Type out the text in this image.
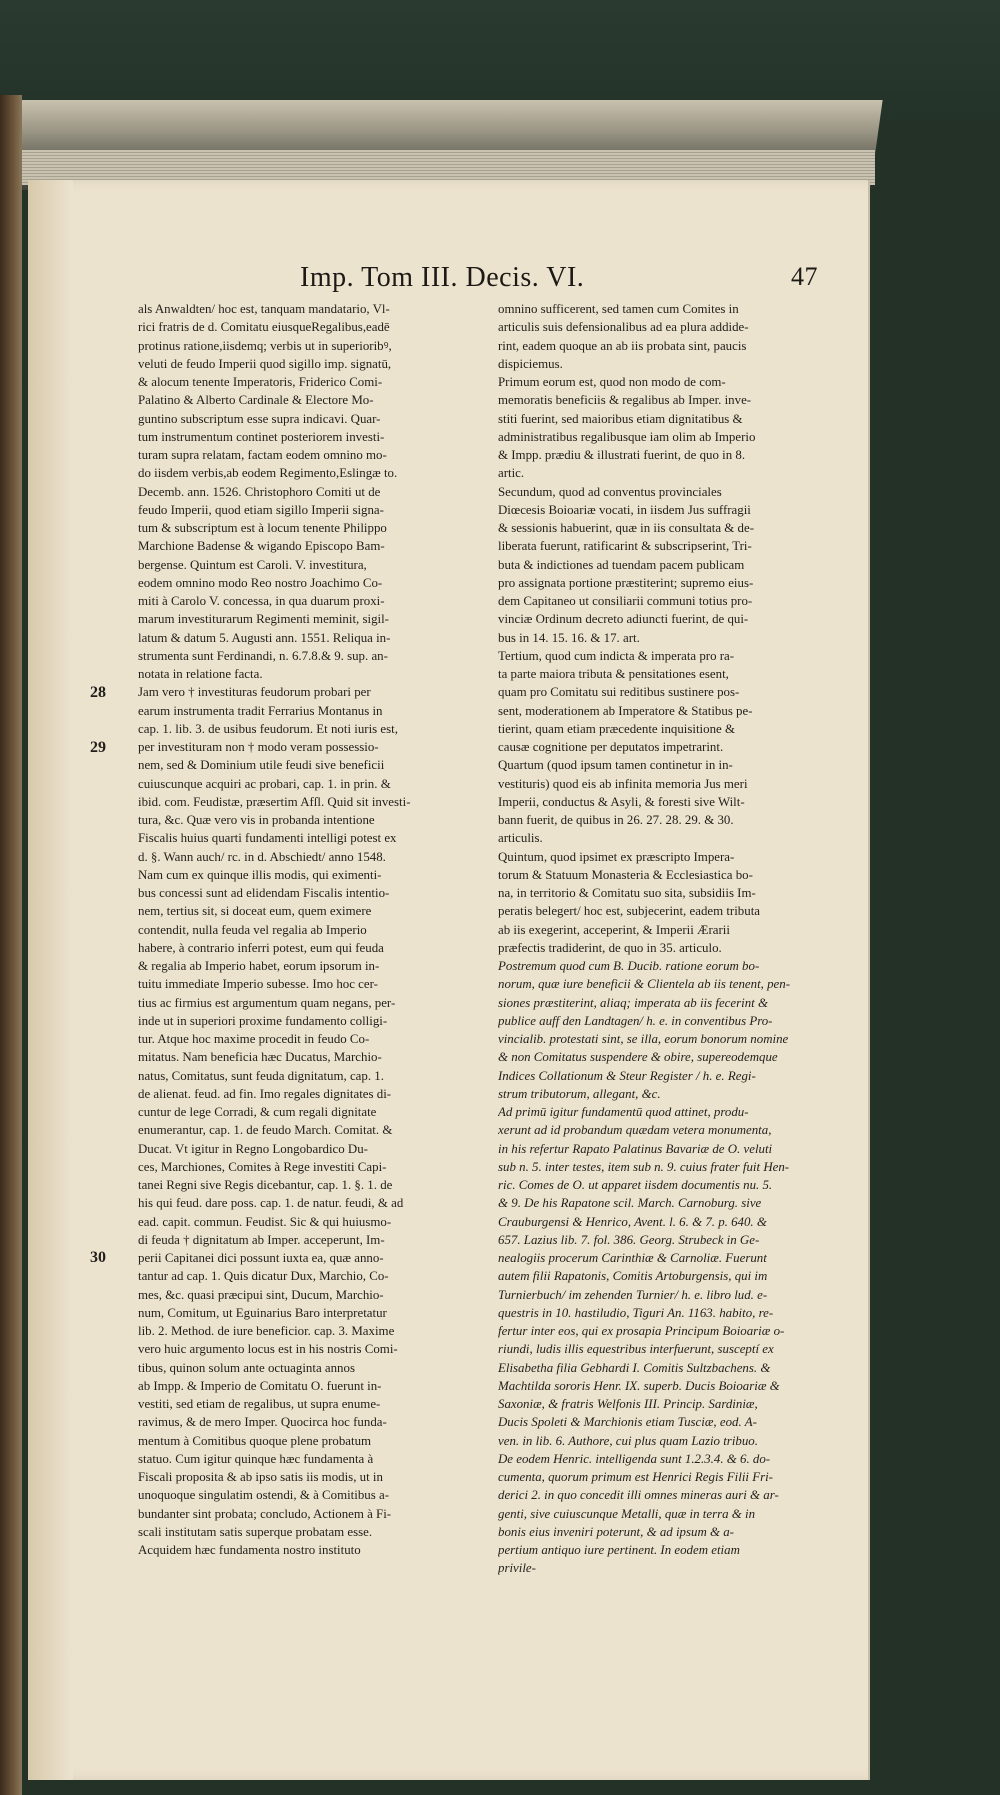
Imp. Tom III. Decis. VI.	47
28
29
30
als Anwaldten/ hoc est, tanquam mandatario, Vl-
rici fratris de d. Comitatu eiusqueRegalibus,eadē
protinus ratione,iisdemq; verbis ut in superioribꝰ,
veluti de feudo Imperii quod sigillo imp. signatū,
& alocum tenente Imperatoris, Friderico Comi-
Palatino & Alberto Cardinale & Electore Mo-
guntino subscriptum esse supra indicavi. Quar-
tum instrumentum continet posteriorem investi-
turam supra relatam, factam eodem omnino mo-
do iisdem verbis,ab eodem Regimento,Eslingæ to.
Decemb. ann. 1526. Christophoro Comiti ut de
feudo Imperii, quod etiam sigillo Imperii signa-
tum & subscriptum est à locum tenente Philippo
Marchione Badense & wigando Episcopo Bam-
bergense. Quintum est Caroli. V. investitura,
eodem omnino modo Reo nostro Joachimo Co-
miti à Carolo V. concessa, in qua duarum proxi-
marum investiturarum Regimenti meminit, sigil-
latum & datum 5. Augusti ann. 1551. Reliqua in-
strumenta sunt Ferdinandi, n. 6.7.8.& 9. sup. an-
notata in relatione facta.
Jam vero † investituras feudorum probari per
earum instrumenta tradit Ferrarius Montanus in
cap. 1. lib. 3. de usibus feudorum. Et noti iuris est,
per investituram non † modo veram possessio-
nem, sed & Dominium utile feudi sive beneficii
cuiuscunque acquiri ac probari, cap. 1. in prin. &
ibid. com. Feudistæ, præsertim Afſl. Quid sit investi-
tura, &c. Quæ vero vis in probanda intentione
Fiscalis huius quarti fundamenti intelligi potest ex
d. §. Wann auch/ rc. in d. Abschiedt/ anno 1548.
Nam cum ex quinque illis modis, qui eximenti-
bus concessi sunt ad elidendam Fiscalis intentio-
nem, tertius sit, si doceat eum, quem eximere
contendit, nulla feuda vel regalia ab Imperio
habere, à contrario inferri potest, eum qui feuda
& regalia ab Imperio habet, eorum ipsorum in-
tuitu immediate Imperio subesse. Imo hoc cer-
tius ac firmius est argumentum quam negans, per-
inde ut in superiori proxime fundamento colligi-
tur. Atque hoc maxime procedit in feudo Co-
mitatus. Nam beneficia hæc Ducatus, Marchio-
natus, Comitatus, sunt feuda dignitatum, cap. 1.
de alienat. feud. ad fin. Imo regales dignitates di-
cuntur de lege Corradi, & cum regali dignitate
enumerantur, cap. 1. de feudo March. Comitat. &
Ducat. Vt igitur in Regno Longobardico Du-
ces, Marchiones, Comites à Rege investiti Capi-
tanei Regni sive Regis dicebantur, cap. 1. §. 1. de
his qui feud. dare poss. cap. 1. de natur. feudi, & ad
ead. capit. commun. Feudist. Sic & qui huiusmo-
di feuda † dignitatum ab Imper. acceperunt, Im-
perii Capitanei dici possunt iuxta ea, quæ anno-
tantur ad cap. 1. Quis dicatur Dux, Marchio, Co-
mes, &c. quasi præcipui sint, Ducum, Marchio-
num, Comitum, ut Eguinarius Baro interpretatur
lib. 2. Method. de iure beneficior. cap. 3. Maxime
vero huic argumento locus est in his nostris Comi-
tibus, quinon solum ante octuaginta annos
ab Impp. & Imperio de Comitatu O. fuerunt in-
vestiti, sed etiam de regalibus, ut supra enume-
ravimus, & de mero Imper. Quocirca hoc funda-
mentum à Comitibus quoque plene probatum
statuo. Cum igitur quinque hæc fundamenta à
Fiscali proposita & ab ipso satis iis modis, ut in
unoquoque singulatim ostendi, & à Comitibus a-
bundanter sint probata; concludo, Actionem à Fi-
scali institutam satis superque probatam esse.
Acquidem hæc fundamenta nostro instituto
omnino sufficerent, sed tamen cum Comites in
articulis suis defensionalibus ad ea plura addide-
rint, eadem quoque an ab iis probata sint, paucis
dispiciemus.
Primum eorum est, quod non modo de com-
memoratis beneficiis & regalibus ab Imper. inve-
stiti fuerint, sed maioribus etiam dignitatibus &
administratibus regalibusque iam olim ab Imperio
& Impp. prædiu & illustrati fuerint, de quo in 8.
artic.
Secundum, quod ad conventus provinciales
Diœcesis Boioariæ vocati, in iisdem Jus suffragii
& sessionis habuerint, quæ in iis consultata & de-
liberata fuerunt, ratificarint & subscripserint, Tri-
buta & indictiones ad tuendam pacem publicam
pro assignata portione præstiterint; supremo eius-
dem Capitaneo ut consiliarii communi totius pro-
vinciæ Ordinum decreto adiuncti fuerint, de qui-
bus in 14. 15. 16. & 17. art.
Tertium, quod cum indicta & imperata pro ra-
ta parte maiora tributa & pensitationes esent,
quam pro Comitatu sui reditibus sustinere pos-
sent, moderationem ab Imperatore & Statibus pe-
tierint, quam etiam præcedente inquisitione &
causæ cognitione per deputatos impetrarint.
Quartum (quod ipsum tamen continetur in in-
vestituris) quod eis ab infinita memoria Jus meri
Imperii, conductus & Asyli, & foresti sive Wilt-
bann fuerit, de quibus in 26. 27. 28. 29. & 30.
articulis.
Quintum, quod ipsimet ex præscripto Impera-
torum & Statuum Monasteria & Ecclesiastica bo-
na, in territorio & Comitatu suo sita, subsidiis Im-
peratis belegert/ hoc est, subjecerint, eadem tributa
ab iis exegerint, acceperint, & Imperii Ærarii
præfectis tradiderint, de quo in 35. articulo.
Postremum quod cum B. Ducib. ratione eorum bo-
norum, quæ iure beneficii & Clientela ab iis tenent, pen-
siones præstiterint, aliaq; imperata ab iis fecerint &
publice auff den Landtagen/ h. e. in conventibus Pro-
vincialib. protestati sint, se illa, eorum bonorum nomine
& non Comitatus suspendere & obire, supereodemque
Indices Collationum & Steur Register / h. e. Regi-
strum tributorum, allegant, &c.
Ad primū igitur fundamentū quod attinet, produ-
xerunt ad id probandum quædam vetera monumenta,
in his refertur Rapato Palatinus Bavariæ de O. veluti
sub n. 5. inter testes, item sub n. 9. cuius frater fuit Hen-
ric. Comes de O. ut apparet iisdem documentis nu. 5.
& 9. De his Rapatone scil. March. Carnoburg. sive
Crauburgensi & Henrico, Avent. l. 6. & 7. p. 640. &
657. Lazius lib. 7. fol. 386. Georg. Strubeck in Ge-
nealogiis procerum Carinthiæ & Carnoliæ. Fuerunt
autem filii Rapatonis, Comitis Artoburgensis, qui im
Turnierbuch/ im zehenden Turnier/ h. e. libro lud. e-
questris in 10. hastiludio, Tiguri An. 1163. habito, re-
fertur inter eos, qui ex prosapia Principum Boioariæ o-
riundi, ludis illis equestribus interfuerunt, susceptí ex
Elisabetha filia Gebhardi I. Comitis Sultzbachens. &
Machtilda sororis Henr. IX. superb. Ducis Boioariæ &
Saxoniæ, & fratris Welfonis III. Princip. Sardiniæ,
Ducis Spoleti & Marchionis etiam Tusciæ, eod. A-
ven. in lib. 6. Authore, cui plus quam Lazio tribuo.
De eodem Henric. intelligenda sunt 1.2.3.4. & 6. do-
cumenta, quorum primum est Henrici Regis Filii Fri-
derici 2. in quo concedit illi omnes mineras auri & ar-
genti, sive cuiuscunque Metalli, quæ in terra & in
bonis eius inveniri poterunt, & ad ipsum & a-
pertium antiquo iure pertinent. In eodem etiam
privile-
